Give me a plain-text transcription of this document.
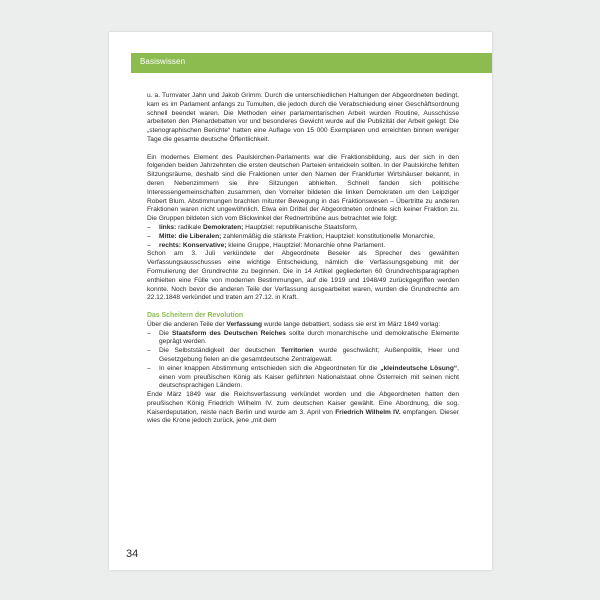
Basiswissen

u. a. Turnvater Jahn und Jakob Grimm. Durch die unterschiedlichen Haltungen der Abgeordneten bedingt, kam es im Parlament anfangs zu Tumulten, die jedoch durch die Verabschiedung einer Geschäftsordnung schnell beendet waren. Die Methoden einer parlamentarischen Arbeit wurden Routine, Ausschüsse arbeiteten den Plenardebatten vor und besonderes Gewicht wurde auf die Publizität der Arbeit gelegt: Die „stenographischen Berichte“ hatten eine Auflage von 15 000 Exemplaren und erreichten binnen weniger Tage die gesamte deutsche Öffentlichkeit.

Ein modernes Element des Paulskirchen-Parlaments war die Fraktionsbildung, aus der sich in den folgenden beiden Jahrzehnten die ersten deutschen Parteien entwickeln sollten. In der Paulskirche fehlten Sitzungsräume, deshalb sind die Fraktionen unter den Namen der Frankfurter Wirtshäuser bekannt, in deren Nebenzimmern sie ihre Sitzungen abhielten. Schnell fanden sich politische Interessengemeinschaften zusammen, den Vorreiter bildeten die linken Demokraten um den Leipziger Robert Blum. Abstimmungen brachten mitunter Bewegung in das Fraktionswesen – Übertritte zu anderen Fraktionen waren nicht ungewöhnlich. Etwa ein Drittel der Abgeordneten ordnete sich keiner Fraktion zu. Die Gruppen bildeten sich vom Blickwinkel der Rednertribüne aus betrachtet wie folgt:

– links: radikale Demokraten; Hauptziel: republikanische Staatsform,
– Mitte: die Liberalen; zahlenmäßig die stärkste Fraktion, Hauptziel: konstitutionelle Monarchie,
– rechts: Konservative; kleine Gruppe, Hauptziel: Monarchie ohne Parlament.

Schon am 3. Juli verkündete der Abgeordnete Beseler als Sprecher des gewählten Verfassungsausschusses eine wichtige Entscheidung, nämlich die Verfassungsgebung mit der Formulierung der Grundrechte zu beginnen. Die in 14 Artikel gegliederten 60 Grundrechtsparagraphen enthielten eine Fülle von modernen Bestimmungen, auf die 1919 und 1948/49 zurückgegriffen werden konnte. Noch bevor die anderen Teile der Verfassung ausgearbeitet waren, wurden die Grundrechte am 22.12.1848 verkündet und traten am 27.12. in Kraft.

Das Scheitern der Revolution

Über die anderen Teile der Verfassung wurde lange debattiert, sodass sie erst im März 1849 vorlag:

– Die Staatsform des Deutschen Reiches sollte durch monarchische und demokratische Elemente geprägt werden.
– Die Selbstständigkeit der deutschen Territorien wurde geschwächt; Außenpolitik, Heer und Gesetzgebung fielen an die gesamtdeutsche Zentralgewalt.
– In einer knappen Abstimmung entschieden sich die Abgeordneten für die „kleindeutsche Lösung“, einen vom preußischen König als Kaiser geführten Nationalstaat ohne Österreich mit seinen nicht deutschsprachigen Ländern.

Ende März 1849 war die Reichsverfassung verkündet worden und die Abgeordneten hatten den preußischen König Friedrich Wilhelm IV. zum deutschen Kaiser gewählt. Eine Abordnung, die sog. Kaiserdeputation, reiste nach Berlin und wurde am 3. April von Friedrich Wilhelm IV. empfangen. Dieser wies die Krone jedoch zurück, jene „mit dem

34
